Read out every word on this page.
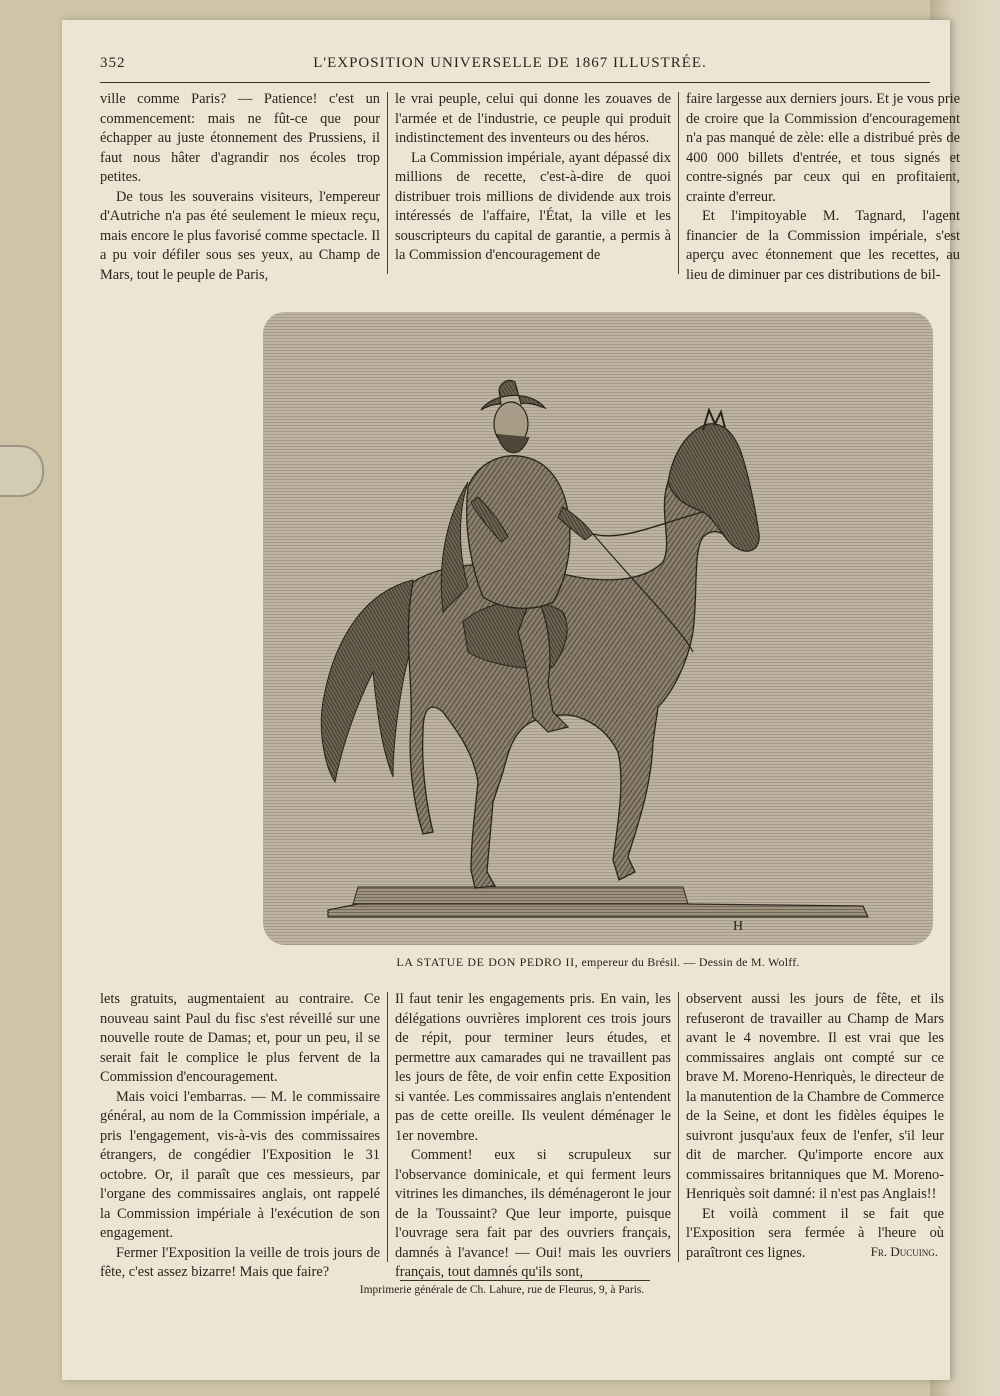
352	L'EXPOSITION UNIVERSELLE DE 1867 ILLUSTRÉE.

ville comme Paris? — Patience! c'est un commencement: mais ne fût-ce que pour échapper au juste étonnement des Prussiens, il faut nous hâter d'agrandir nos écoles trop petites.

De tous les souverains visiteurs, l'empereur d'Autriche n'a pas été seulement le mieux reçu, mais encore le plus favorisé comme spectacle. Il a pu voir défiler sous ses yeux, au Champ de Mars, tout le peuple de Paris,

le vrai peuple, celui qui donne les zouaves de l'armée et de l'industrie, ce peuple qui produit indistinctement des inventeurs ou des héros.

La Commission impériale, ayant dépassé dix millions de recette, c'est-à-dire de quoi distribuer trois millions de dividende aux trois intéressés de l'affaire, l'État, la ville et les souscripteurs du capital de garantie, a permis à la Commission d'encouragement de

faire largesse aux derniers jours. Et je vous prie de croire que la Commission d'encouragement n'a pas manqué de zèle: elle a distribué près de 400 000 billets d'entrée, et tous signés et contre-signés par ceux qui en profitaient, crainte d'erreur.

Et l'impitoyable M. Tagnard, l'agent financier de la Commission impériale, s'est aperçu avec étonnement que les recettes, au lieu de diminuer par ces distributions de bil-

H
LA STATUE DE DON PEDRO II, empereur du Brésil. — Dessin de M. Wolff.

lets gratuits, augmentaient au contraire. Ce nouveau saint Paul du fisc s'est réveillé sur une nouvelle route de Damas; et, pour un peu, il se serait fait le complice le plus fervent de la Commission d'encouragement.

Mais voici l'embarras. — M. le commissaire général, au nom de la Commission impériale, a pris l'engagement, vis-à-vis des commissaires étrangers, de congédier l'Exposition le 31 octobre. Or, il paraît que ces messieurs, par l'organe des commissaires anglais, ont rappelé la Commission impériale à l'exécution de son engagement.

Fermer l'Exposition la veille de trois jours de fête, c'est assez bizarre! Mais que faire?

Il faut tenir les engagements pris. En vain, les délégations ouvrières implorent ces trois jours de répit, pour terminer leurs études, et permettre aux camarades qui ne travaillent pas les jours de fête, de voir enfin cette Exposition si vantée. Les commissaires anglais n'entendent pas de cette oreille. Ils veulent déménager le 1er novembre.

Comment! eux si scrupuleux sur l'observance dominicale, et qui ferment leurs vitrines les dimanches, ils déménageront le jour de la Toussaint? Que leur importe, puisque l'ouvrage sera fait par des ouvriers français, damnés à l'avance! — Oui! mais les ouvriers français, tout damnés qu'ils sont,

observent aussi les jours de fête, et ils refuseront de travailler au Champ de Mars avant le 4 novembre. Il est vrai que les commissaires anglais ont compté sur ce brave M. Moreno-Henriquès, le directeur de la manutention de la Chambre de Commerce de la Seine, et dont les fidèles équipes le suivront jusqu'aux feux de l'enfer, s'il leur dit de marcher. Qu'importe encore aux commissaires britanniques que M. Moreno-Henriquès soit damné: il n'est pas Anglais!!

Et voilà comment il se fait que l'Exposition sera fermée à l'heure où paraîtront ces lignes.	Fr. Ducuing.
Imprimerie générale de Ch. Lahure, rue de Fleurus, 9, à Paris.
